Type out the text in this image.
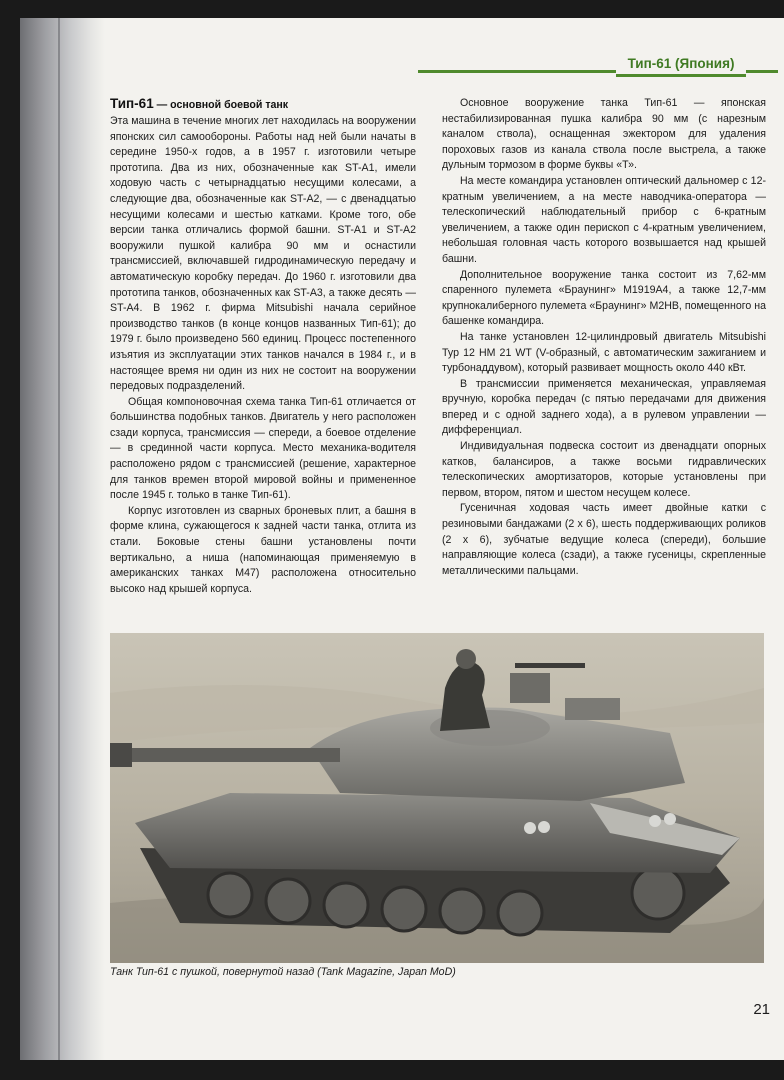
Тип-61 (Япония)
Тип-61 — основной боевой танк

Эта машина в течение многих лет находилась на вооружении японских сил самообороны. Работы над ней были начаты в середине 1950-х годов, а в 1957 г. изготовили четыре прототипа. Два из них, обозначенные как ST-A1, имели ходовую часть с четырнадцатью несущими колесами, а следующие два, обозначенные как ST-A2, — с двенадцатью несущими колесами и шестью катками. Кроме того, обе версии танка отличались формой башни. ST-A1 и ST-A2 вооружили пушкой калибра 90 мм и оснастили трансмиссией, включавшей гидродинамическую передачу и автоматическую коробку передач. До 1960 г. изготовили два прототипа танков, обозначенных как ST-A3, а также десять — ST-A4. В 1962 г. фирма Mitsubishi начала серийное производство танков (в конце концов названных Тип-61); до 1979 г. было произведено 560 единиц. Процесс постепенного изъятия из эксплуатации этих танков начался в 1984 г., и в настоящее время ни один из них не состоит на вооружении передовых подразделений.

Общая компоновочная схема танка Тип-61 отличается от большинства подобных танков. Двигатель у него расположен сзади корпуса, трансмиссия — спереди, а боевое отделение — в срединной части корпуса. Место механика-водителя расположено рядом с трансмиссией (решение, характерное для танков времен второй мировой войны и примененное после 1945 г. только в танке Тип-61).

Корпус изготовлен из сварных броневых плит, а башня в форме клина, сужающегося к задней части танка, отлита из стали. Боковые стены башни установлены почти вертикально, а ниша (напоминающая применяемую в американских танках M47) расположена относительно высоко над крышей корпуса.

Основное вооружение танка Тип-61 — японская нестабилизированная пушка калибра 90 мм (с нарезным каналом ствола), оснащенная эжектором для удаления пороховых газов из канала ствола после выстрела, а также дульным тормозом в форме буквы «Т».

На месте командира установлен оптический дальномер с 12-кратным увеличением, а на месте наводчика-оператора — телескопический наблюдательный прибор с 6-кратным увеличением, а также один перископ с 4-кратным увеличением, небольшая головная часть которого возвышается над крышей башни.

Дополнительное вооружение танка состоит из 7,62-мм спаренного пулемета «Браунинг» M1919A4, а также 12,7-мм крупнокалиберного пулемета «Браунинг» M2HB, помещенного на башенке командира.

На танке установлен 12-цилиндровый двигатель Mitsubishi Typ 12 HM 21 WT (V-образный, с автоматическим зажиганием и турбонаддувом), который развивает мощность около 440 кВт.

В трансмиссии применяется механическая, управляемая вручную, коробка передач (с пятью передачами для движения вперед и с одной заднего хода), а в рулевом управлении — дифференциал.

Индивидуальная подвеска состоит из двенадцати опорных катков, балансиров, а также восьми гидравлических телескопических амортизаторов, которые установлены при первом, втором, пятом и шестом несущем колесе.

Гусеничная ходовая часть имеет двойные катки с резиновыми бандажами (2 x 6), шесть поддерживающих роликов (2 x 6), зубчатые ведущие колеса (спереди), большие направляющие колеса (сзади), а также гусеницы, скрепленные металлическими пальцами.

Танк Тип-61 с пушкой, повернутой назад (Tank Magazine, Japan MoD)
21
